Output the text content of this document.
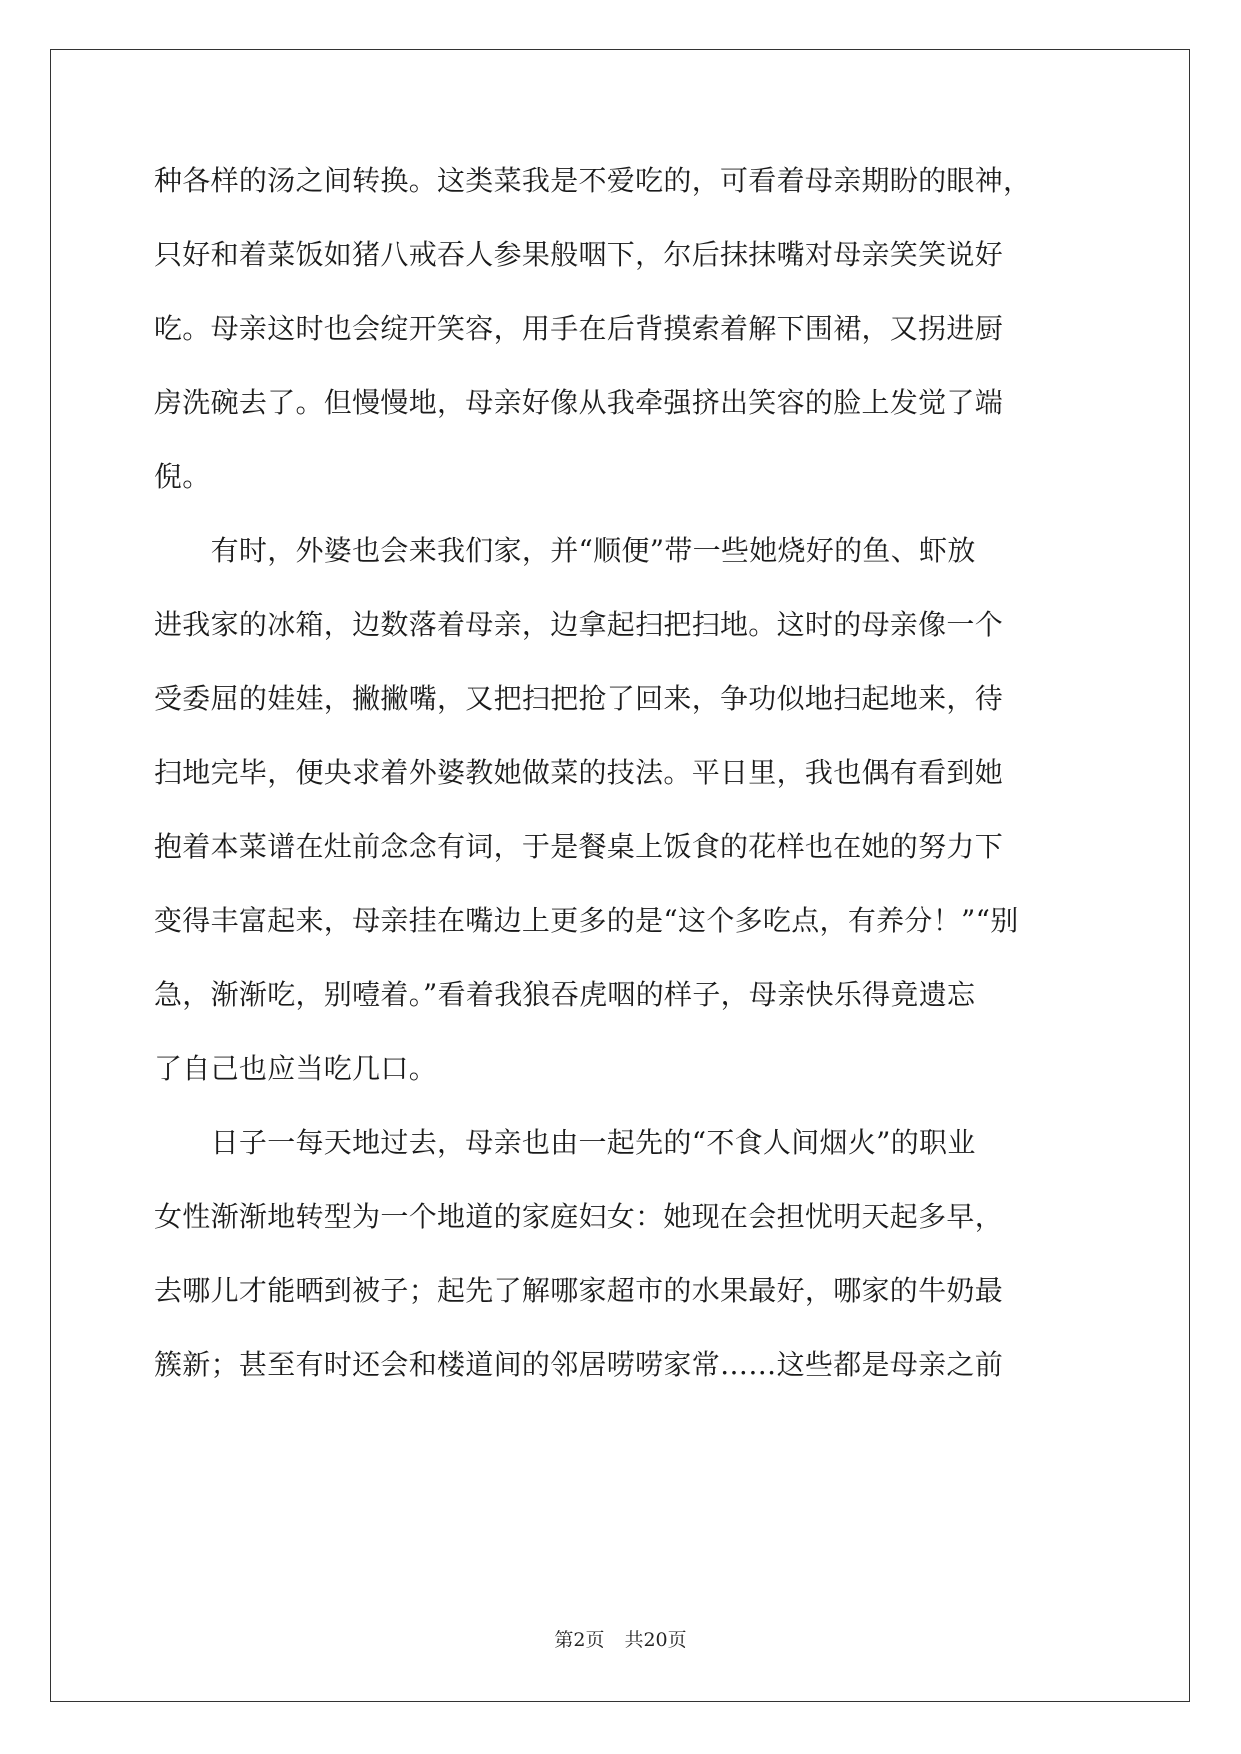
种各样的汤之间转换。这类菜我是不爱吃的，可看着母亲期盼的眼神，
只好和着菜饭如猪八戒吞人参果般咽下，尔后抹抹嘴对母亲笑笑说好
吃。母亲这时也会绽开笑容，用手在后背摸索着解下围裙，又拐进厨
房洗碗去了。但慢慢地，母亲好像从我牵强挤出笑容的脸上发觉了端
倪。
　　有时，外婆也会来我们家，并“顺便”带一些她烧好的鱼、虾放
进我家的冰箱，边数落着母亲，边拿起扫把扫地。这时的母亲像一个
受委屈的娃娃，撇撇嘴，又把扫把抢了回来，争功似地扫起地来，待
扫地完毕，便央求着外婆教她做菜的技法。平日里，我也偶有看到她
抱着本菜谱在灶前念念有词，于是餐桌上饭食的花样也在她的努力下
变得丰富起来，母亲挂在嘴边上更多的是“这个多吃点，有养分！”“别
急，渐渐吃，别噎着。”看着我狼吞虎咽的样子，母亲快乐得竟遗忘
了自己也应当吃几口。
　　日子一每天地过去，母亲也由一起先的“不食人间烟火”的职业
女性渐渐地转型为一个地道的家庭妇女：她现在会担忧明天起多早，
去哪儿才能晒到被子；起先了解哪家超市的水果最好，哪家的牛奶最
簇新；甚至有时还会和楼道间的邻居唠唠家常……这些都是母亲之前
第2页 共20页
